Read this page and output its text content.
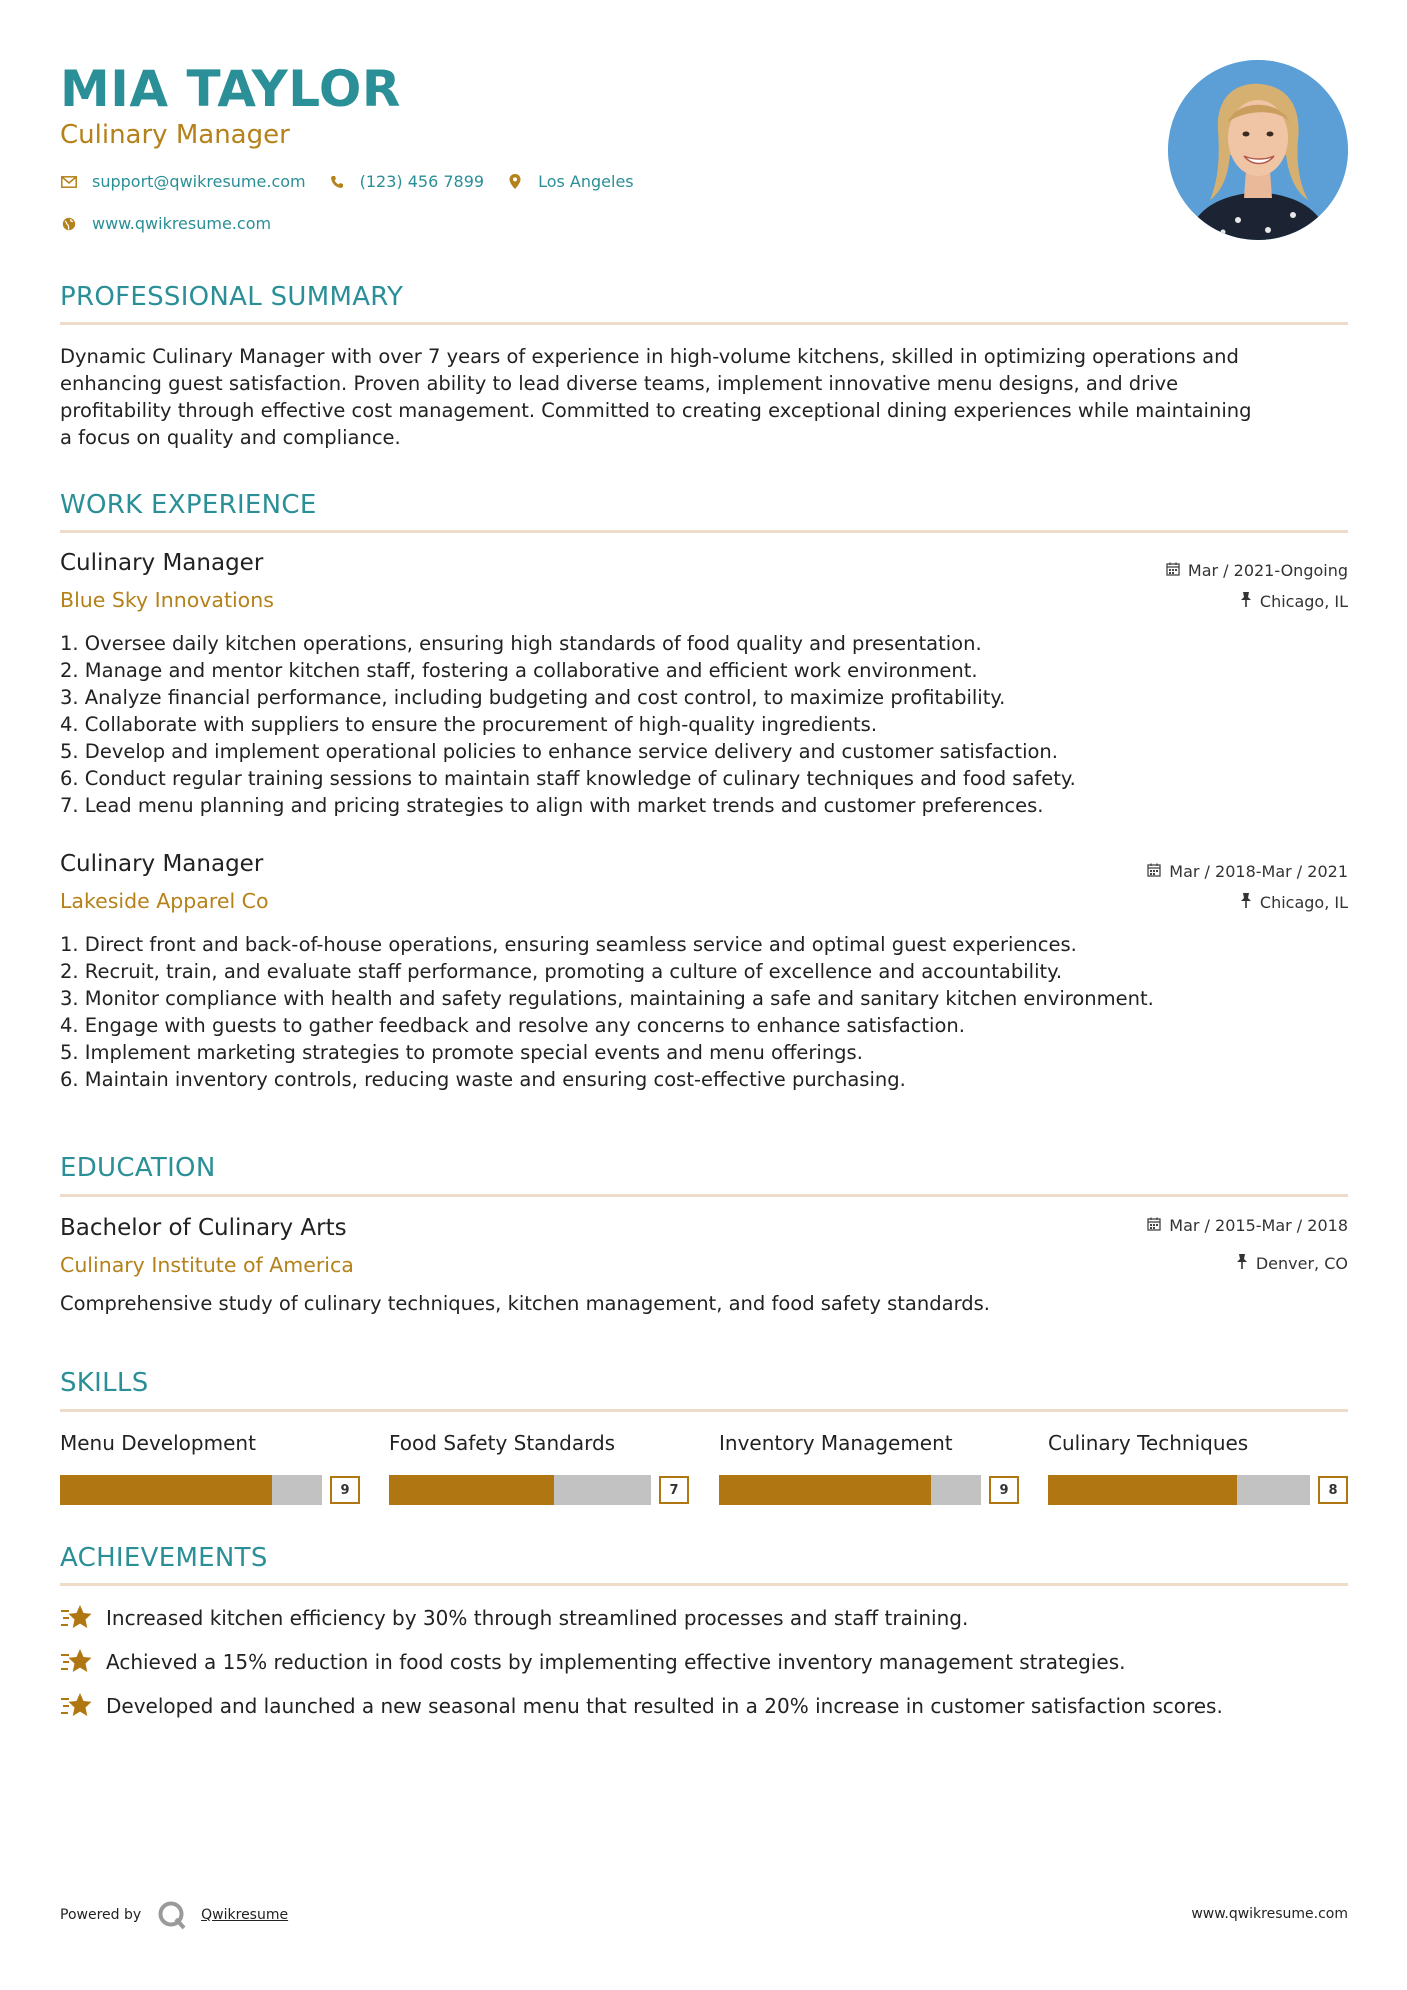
MIA TAYLOR
Culinary Manager
support@qwikresume.com	(123) 456 7899	Los Angeles
www.qwikresume.com
PROFESSIONAL SUMMARY
Dynamic Culinary Manager with over 7 years of experience in high-volume kitchens, skilled in optimizing operations and
enhancing guest satisfaction. Proven ability to lead diverse teams, implement innovative menu designs, and drive
profitability through effective cost management. Committed to creating exceptional dining experiences while maintaining
a focus on quality and compliance.
WORK EXPERIENCE
Culinary Manager
Blue Sky Innovations
Mar / 2021-Ongoing
Chicago, IL
1. Oversee daily kitchen operations, ensuring high standards of food quality and presentation.
2. Manage and mentor kitchen staff, fostering a collaborative and efficient work environment.
3. Analyze financial performance, including budgeting and cost control, to maximize profitability.
4. Collaborate with suppliers to ensure the procurement of high-quality ingredients.
5. Develop and implement operational policies to enhance service delivery and customer satisfaction.
6. Conduct regular training sessions to maintain staff knowledge of culinary techniques and food safety.
7. Lead menu planning and pricing strategies to align with market trends and customer preferences.
Culinary Manager
Lakeside Apparel Co
Mar / 2018-Mar / 2021
Chicago, IL
1. Direct front and back-of-house operations, ensuring seamless service and optimal guest experiences.
2. Recruit, train, and evaluate staff performance, promoting a culture of excellence and accountability.
3. Monitor compliance with health and safety regulations, maintaining a safe and sanitary kitchen environment.
4. Engage with guests to gather feedback and resolve any concerns to enhance satisfaction.
5. Implement marketing strategies to promote special events and menu offerings.
6. Maintain inventory controls, reducing waste and ensuring cost-effective purchasing.
EDUCATION
Bachelor of Culinary Arts
Culinary Institute of America
Mar / 2015-Mar / 2018
Denver, CO
Comprehensive study of culinary techniques, kitchen management, and food safety standards.
SKILLS
Menu Development
9
Food Safety Standards
7
Inventory Management
9
Culinary Techniques
8
ACHIEVEMENTS
Increased kitchen efficiency by 30% through streamlined processes and staff training.
Achieved a 15% reduction in food costs by implementing effective inventory management strategies.
Developed and launched a new seasonal menu that resulted in a 20% increase in customer satisfaction scores.
Powered by	Qwikresume	www.qwikresume.com
